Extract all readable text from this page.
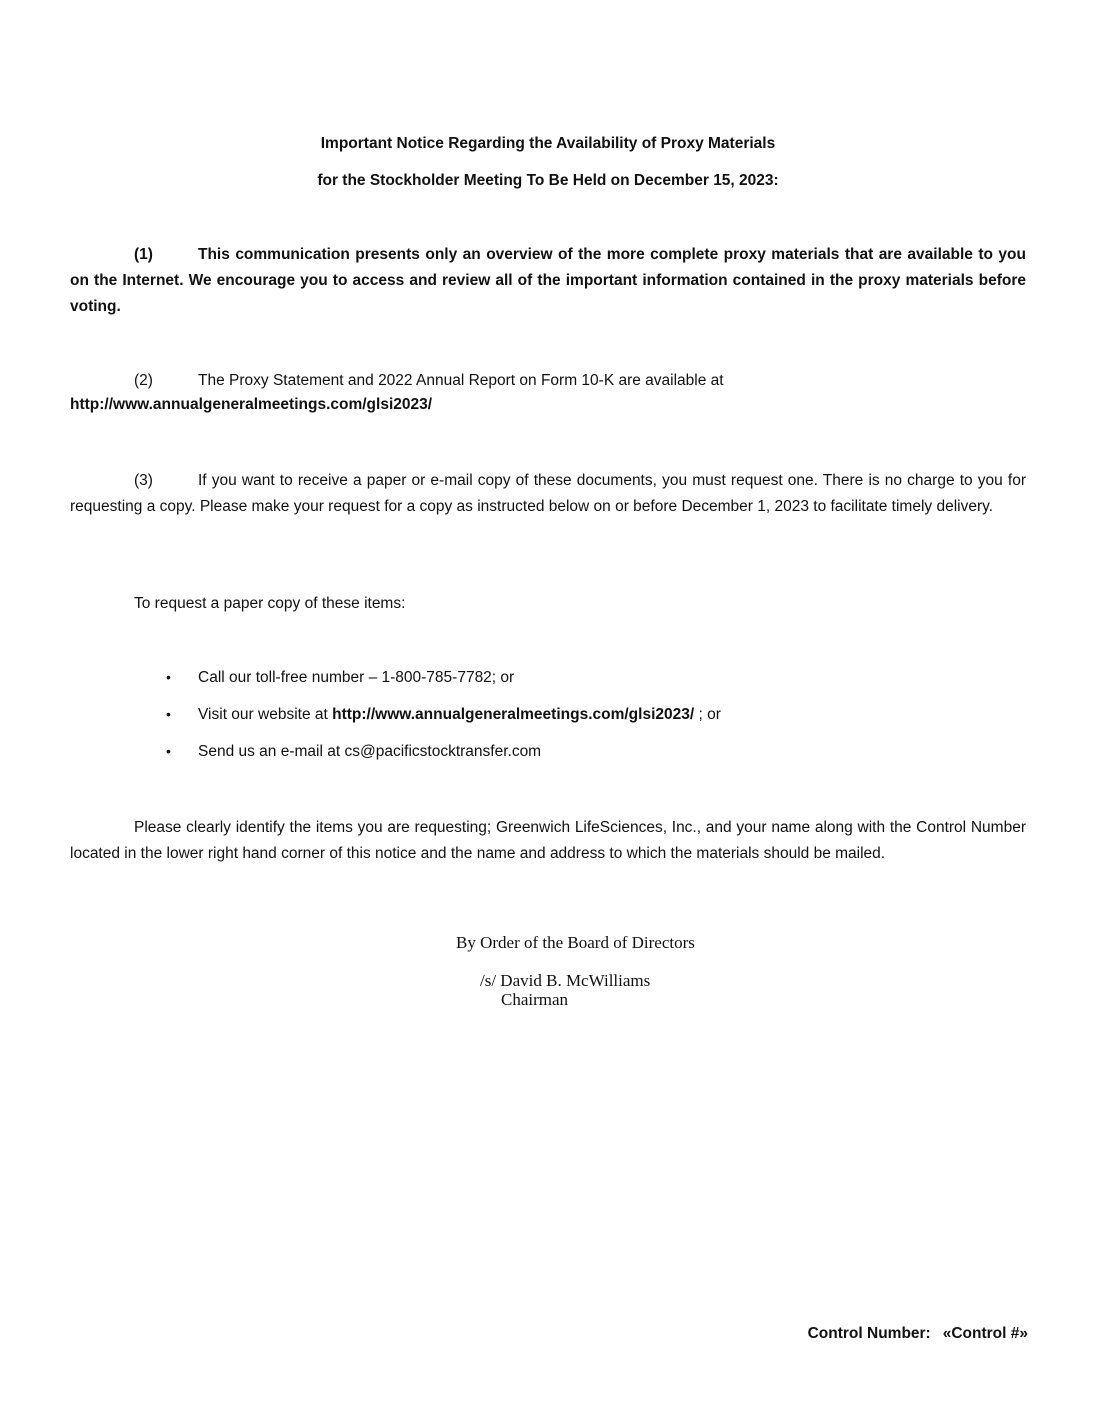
Important Notice Regarding the Availability of Proxy Materials
for the Stockholder Meeting To Be Held on December 15, 2023:
(1)	This communication presents only an overview of the more complete proxy materials that are available to you on the Internet. We encourage you to access and review all of the important information contained in the proxy materials before voting.
(2)	The Proxy Statement and 2022 Annual Report on Form 10-K are available at
http://www.annualgeneralmeetings.com/glsi2023/
(3)	If you want to receive a paper or e-mail copy of these documents, you must request one. There is no charge to you for requesting a copy. Please make your request for a copy as instructed below on or before December 1, 2023 to facilitate timely delivery.
To request a paper copy of these items:
• Call our toll-free number – 1-800-785-7782; or
• Visit our website at http://www.annualgeneralmeetings.com/glsi2023/ ; or
• Send us an e-mail at cs@pacificstocktransfer.com
Please clearly identify the items you are requesting; Greenwich LifeSciences, Inc., and your name along with the Control Number located in the lower right hand corner of this notice and the name and address to which the materials should be mailed.
By Order of the Board of Directors
/s/ David B. McWilliams
Chairman
Control Number: «Control #»
